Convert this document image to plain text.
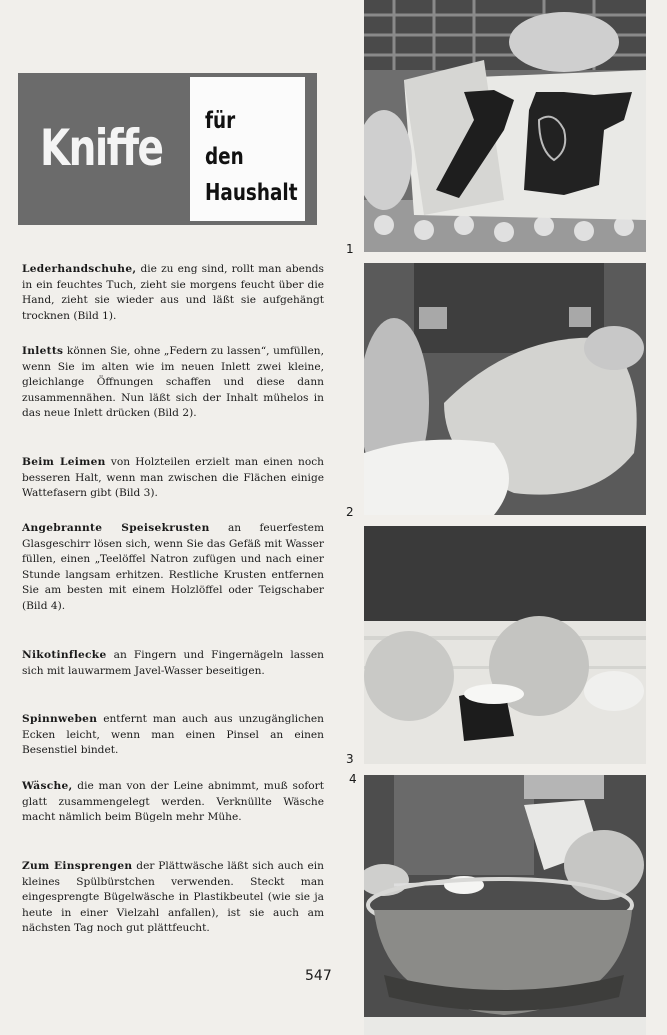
Kniffe für
den
Haushalt

Lederhandschuhe, die zu eng sind, rollt man abends in ein feuchtes Tuch, zieht sie morgens feucht über die Hand, zieht sie wieder aus und läßt sie aufgehängt trocknen (Bild 1).

Inletts können Sie, ohne „Federn zu lassen“, umfüllen, wenn Sie im alten wie im neuen Inlett zwei kleine, gleichlange Öffnungen schaffen und diese dann zusammennähen. Nun läßt sich der Inhalt mühelos in das neue Inlett drücken (Bild 2).

Beim Leimen von Holzteilen erzielt man einen noch besseren Halt, wenn man zwischen die Flächen einige Wattefasern gibt (Bild 3).

Angebrannte Speisekrusten an feuerfestem Glasgeschirr lösen sich, wenn Sie das Gefäß mit Wasser füllen, einen „Teelöffel Natron zufügen und nach einer Stunde langsam erhitzen. Restliche Krusten entfernen Sie am besten mit einem Holzlöffel oder Teigschaber (Bild 4).

Nikotinflecke an Fingern und Fingernägeln lassen sich mit lauwarmem Javel-Wasser beseitigen.

Spinnweben entfernt man auch aus unzugänglichen Ecken leicht, wenn man einen Pinsel an einen Besenstiel bindet.

Wäsche, die man von der Leine abnimmt, muß sofort glatt zusammengelegt werden. Verknüllte Wäsche macht nämlich beim Bügeln mehr Mühe.

Zum Einsprengen der Plättwäsche läßt sich auch ein kleines Spülbürstchen verwenden. Steckt man eingesprengte Bügelwäsche in Plastikbeutel (wie sie ja heute in einer Vielzahl anfallen), ist sie auch am nächsten Tag noch gut plättfeucht.

547
1
2
3
4
